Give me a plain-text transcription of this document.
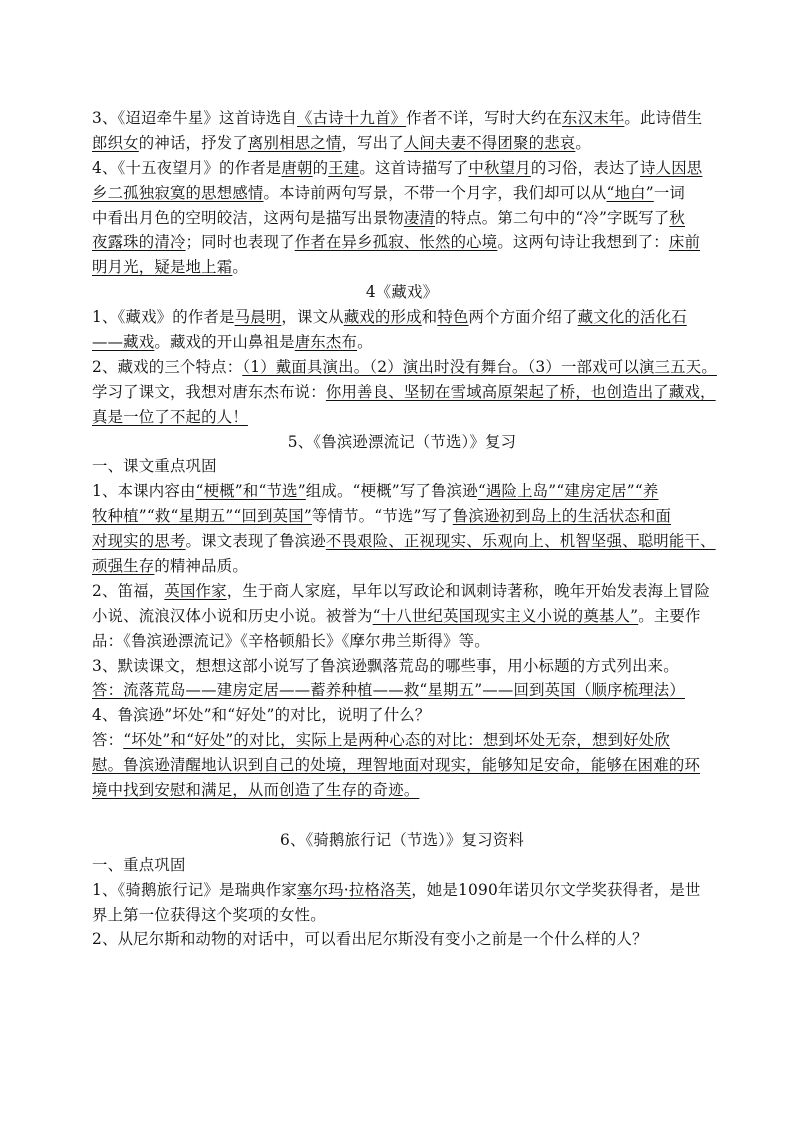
3、《迢迢牵牛星》这首诗选自《古诗十九首》作者不详，写时大约在东汉末年。此诗借生
郎织女的神话，抒发了离别相思之情，写出了人间夫妻不得团聚的悲哀。
4、《十五夜望月》的作者是唐朝的王建。这首诗描写了中秋望月的习俗，表达了诗人因思
乡二孤独寂寞的思想感情。本诗前两句写景，不带一个月字，我们却可以从“地白”一词
中看出月色的空明皎洁，这两句是描写出景物凄清的特点。第二句中的“冷”字既写了秋
夜露珠的清冷；同时也表现了作者在异乡孤寂、怅然的心境。这两句诗让我想到了：床前
明月光，疑是地上霜。
4《藏戏》
1、《藏戏》的作者是马晨明，课文从藏戏的形成和特色两个方面介绍了藏文化的活化石
——藏戏。藏戏的开山鼻祖是唐东杰布。
2、藏戏的三个特点：（1）戴面具演出。（2）演出时没有舞台。（3）一部戏可以演三五天。
学习了课文，我想对唐东杰布说：你用善良、坚韧在雪域高原架起了桥，也创造出了藏戏，
真是一位了不起的人！
5、《鲁滨逊漂流记（节选）》复习
一、课文重点巩固
1、本课内容由“梗概”和“节选”组成。“梗概”写了鲁滨逊“遇险上岛”“建房定居”“养
牧种植”“救“星期五”“回到英国”等情节。“节选”写了鲁滨逊初到岛上的生活状态和面
对现实的思考。课文表现了鲁滨逊不畏艰险、正视现实、乐观向上、机智坚强、聪明能干、
顽强生存的精神品质。
2、笛福，英国作家，生于商人家庭，早年以写政论和讽刺诗著称，晚年开始发表海上冒险
小说、流浪汉体小说和历史小说。被誉为“十八世纪英国现实主义小说的奠基人”。主要作
品：《鲁滨逊漂流记》《辛格顿船长》《摩尔弗兰斯得》等。
3、默读课文，想想这部小说写了鲁滨逊飘落荒岛的哪些事，用小标题的方式列出来。
答：流落荒岛——建房定居——蓄养种植——救“星期五”——回到英国（顺序梳理法）
4、鲁滨逊”坏处”和“好处”的对比，说明了什么？
答：“坏处”和“好处”的对比，实际上是两种心态的对比：想到坏处无奈，想到好处欣
慰。鲁滨逊清醒地认识到自己的处境，理智地面对现实，能够知足安命，能够在困难的环
境中找到安慰和满足，从而创造了生存的奇迹。
6、《骑鹅旅行记（节选）》复习资料
一、重点巩固
1、《骑鹅旅行记》是瑞典作家塞尔玛·拉格洛芙，她是1090年诺贝尔文学奖获得者，是世
界上第一位获得这个奖项的女性。
2、从尼尔斯和动物的对话中，可以看出尼尔斯没有变小之前是一个什么样的人？
